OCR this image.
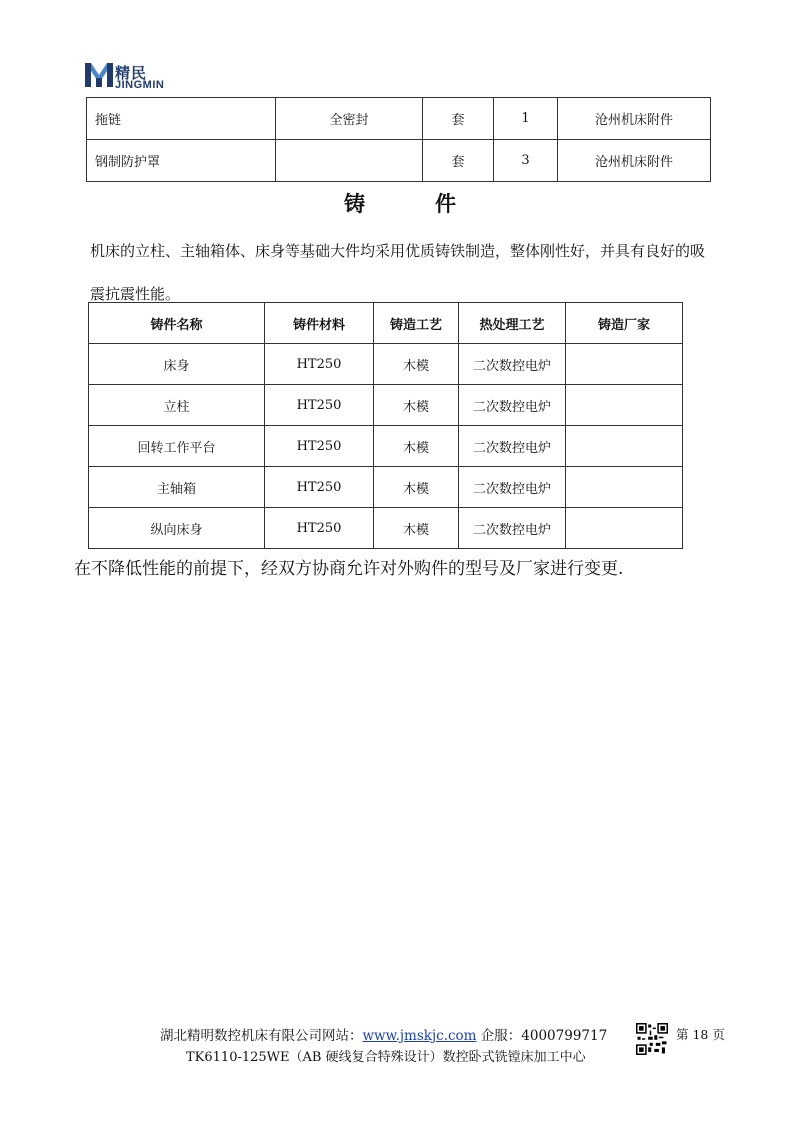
精民
JINGMIN
拖链	全密封	套	1	沧州机床附件
钢制防护罩		套	3	沧州机床附件
铸	件
机床的立柱、主轴箱体、床身等基础大件均采用优质铸铁制造，整体刚性好，并具有良好的吸震抗震性能。
铸件名称	铸件材料	铸造工艺	热处理工艺	铸造厂家
床身	HT250	木模	二次数控电炉	
立柱	HT250	木模	二次数控电炉	
回转工作平台	HT250	木模	二次数控电炉	
主轴箱	HT250	木模	二次数控电炉	
纵向床身	HT250	木模	二次数控电炉	
在不降低性能的前提下，经双方协商允许对外购件的型号及厂家进行变更.
湖北精明数控机床有限公司网站：www.jmskjc.com 企服：4000799717	第 18 页
TK6110-125WE（AB 硬线复合特殊设计）数控卧式铣镗床加工中心
